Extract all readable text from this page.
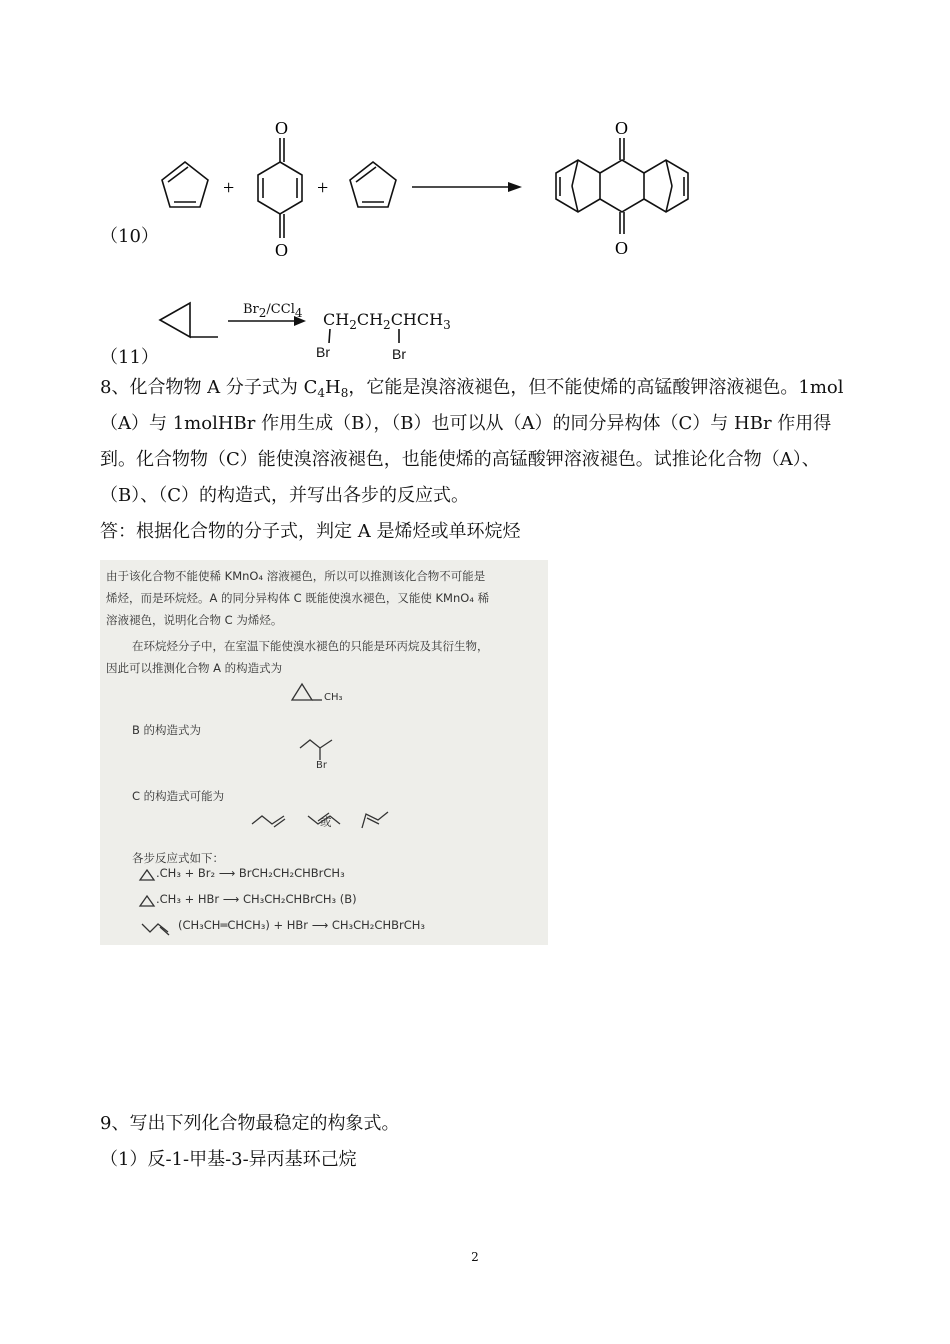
（10）
O
O
+	+
O
O
（11）
$Br_2/CCl_4$ $CH_2CH_2CHCH_3$
Br	Br

8、化合物物 A 分子式为 $C_4H_8$，它能是溴溶液褪色，但不能使烯的高锰酸钾溶液褪色。1mol

（A）与 1molHBr 作用生成（B），（B）也可以从（A）的同分异构体（C）与 HBr 作用得

到。化合物物（C）能使溴溶液褪色，也能使烯的高锰酸钾溶液褪色。试推论化合物（A）、

（B）、（C）的构造式，并写出各步的反应式。

答：根据化合物的分子式，判定 A 是烯烃或单环烷烃

由于该化合物不能使稀 KMnO₄ 溶液褪色，所以可以推测该化合物不可能是
烯烃，而是环烷烃。A 的同分异构体 C 既能使溴水褪色，又能使 KMnO₄ 稀
溶液褪色，说明化合物 C 为烯烃。
在环烷烃分子中，在室温下能使溴水褪色的只能是环丙烷及其衍生物，
因此可以推测化合物 A 的构造式为
CH₃
B 的构造式为
Br
C 的构造式可能为
或
各步反应式如下：
.CH₃ + Br₂ ⟶ BrCH₂CH₂CHBrCH₃
.CH₃ + HBr ⟶ CH₃CH₂CHBrCH₃ (B)
(CH₃CH═CHCH₃) + HBr ⟶ CH₃CH₂CHBrCH₃
9、写出下列化合物最稳定的构象式。
（1）反-1-甲基-3-异丙基环己烷
2
